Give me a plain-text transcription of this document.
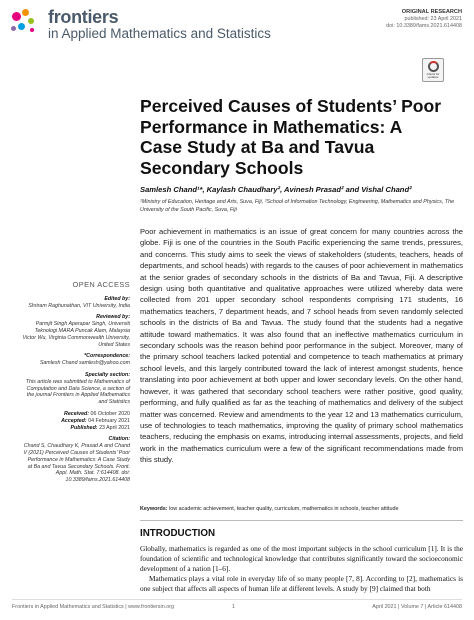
frontiers
in Applied Mathematics and Statistics
ORIGINAL RESEARCH
published: 23 April 2021
doi: 10.3389/fams.2021.614408
Check for updates
Perceived Causes of Students’ Poor Performance in Mathematics: A Case Study at Ba and Tavua Secondary Schools
Samlesh Chand¹*, Kaylash Chaudhary², Avinesh Prasad² and Vishal Chand²
¹Ministry of Education, Heritage and Arts, Suva, Fiji, ²School of Information Technology, Engineering, Mathematics and Physics, The University of the South Pacific, Suva, Fiji
Poor achievement in mathematics is an issue of great concern for many countries across the globe. Fiji is one of the countries in the South Pacific experiencing the same trends, pressures, and concerns. This study aims to seek the views of stakeholders (students, teachers, heads of departments, and school heads) with regards to the causes of poor achievement in mathematics at the senior grades of secondary schools in the districts of Ba and Tavua, Fiji. A descriptive design using both quantitative and qualitative approaches were utilized whereby data were collected from 201 upper secondary school respondents comprising 171 students, 16 mathematics teachers, 7 department heads, and 7 school heads from seven randomly selected schools in the districts of Ba and Tavua. The study found that the students had a negative attitude toward mathematics. It was also found that an ineffective mathematics curriculum in secondary schools was the reason behind poor performance in the subject. Moreover, many of the primary school teachers lacked potential and competence to teach mathematics at primary school levels, and this largely contributed toward the lack of interest amongst students, hence translating into poor achievement at both upper and lower secondary levels. On the other hand, however, it was gathered that secondary school teachers were rather positive, good quality, performing, and fully qualified as far as the teaching of mathematics and delivery of the subject matter was concerned. Review and amendments to the year 12 and 13 mathematics curriculum, use of technologies to teach mathematics, improving the quality of primary school mathematics teachers, reducing the emphasis on exams, introducing internal assessments, projects, and field work in the mathematics curriculum were a few of the significant recommendations made from this study.
Keywords: low academic achievement, teacher quality, curriculum, mathematics in schools, teacher attitude
INTRODUCTION

Globally, mathematics is regarded as one of the most important subjects in the school curriculum [1]. It is the foundation of scientific and technological knowledge that contributes significantly toward the socioeconomic development of a nation [1–6].

Mathematics plays a vital role in everyday life of so many people [7, 8]. According to [2], mathematics is one subject that affects all aspects of human life at different levels. A study by [9] claimed that both

OPEN ACCESS
Edited by:
Shriram Raghunathan, VIT University, India
Reviewed by:
Parmjit Singh Aperapar Singh, Universiti Teknologi MARA Puncak Alam, Malaysia Victor Wu, Virginia Commonwealth University, United States
*Correspondence:
Samlesh Chand samlesh@yahoo.com
Specialty section:
This article was submitted to Mathematics of Computation and Data Science, a section of the journal Frontiers in Applied Mathematics and Statistics
Received: 06 October 2020
Accepted: 04 February 2021
Published: 23 April 2021
Citation:
Chand S, Chaudhary K, Prasad A and Chand V (2021) Perceived Causes of Students’ Poor Performance in Mathematics: A Case Study at Ba and Tavua Secondary Schools. Front. Appl. Math. Stat. 7:614408. doi: 10.3389/fams.2021.614408
Frontiers in Applied Mathematics and Statistics | www.frontiersin.org	1	April 2021 | Volume 7 | Article 614408
